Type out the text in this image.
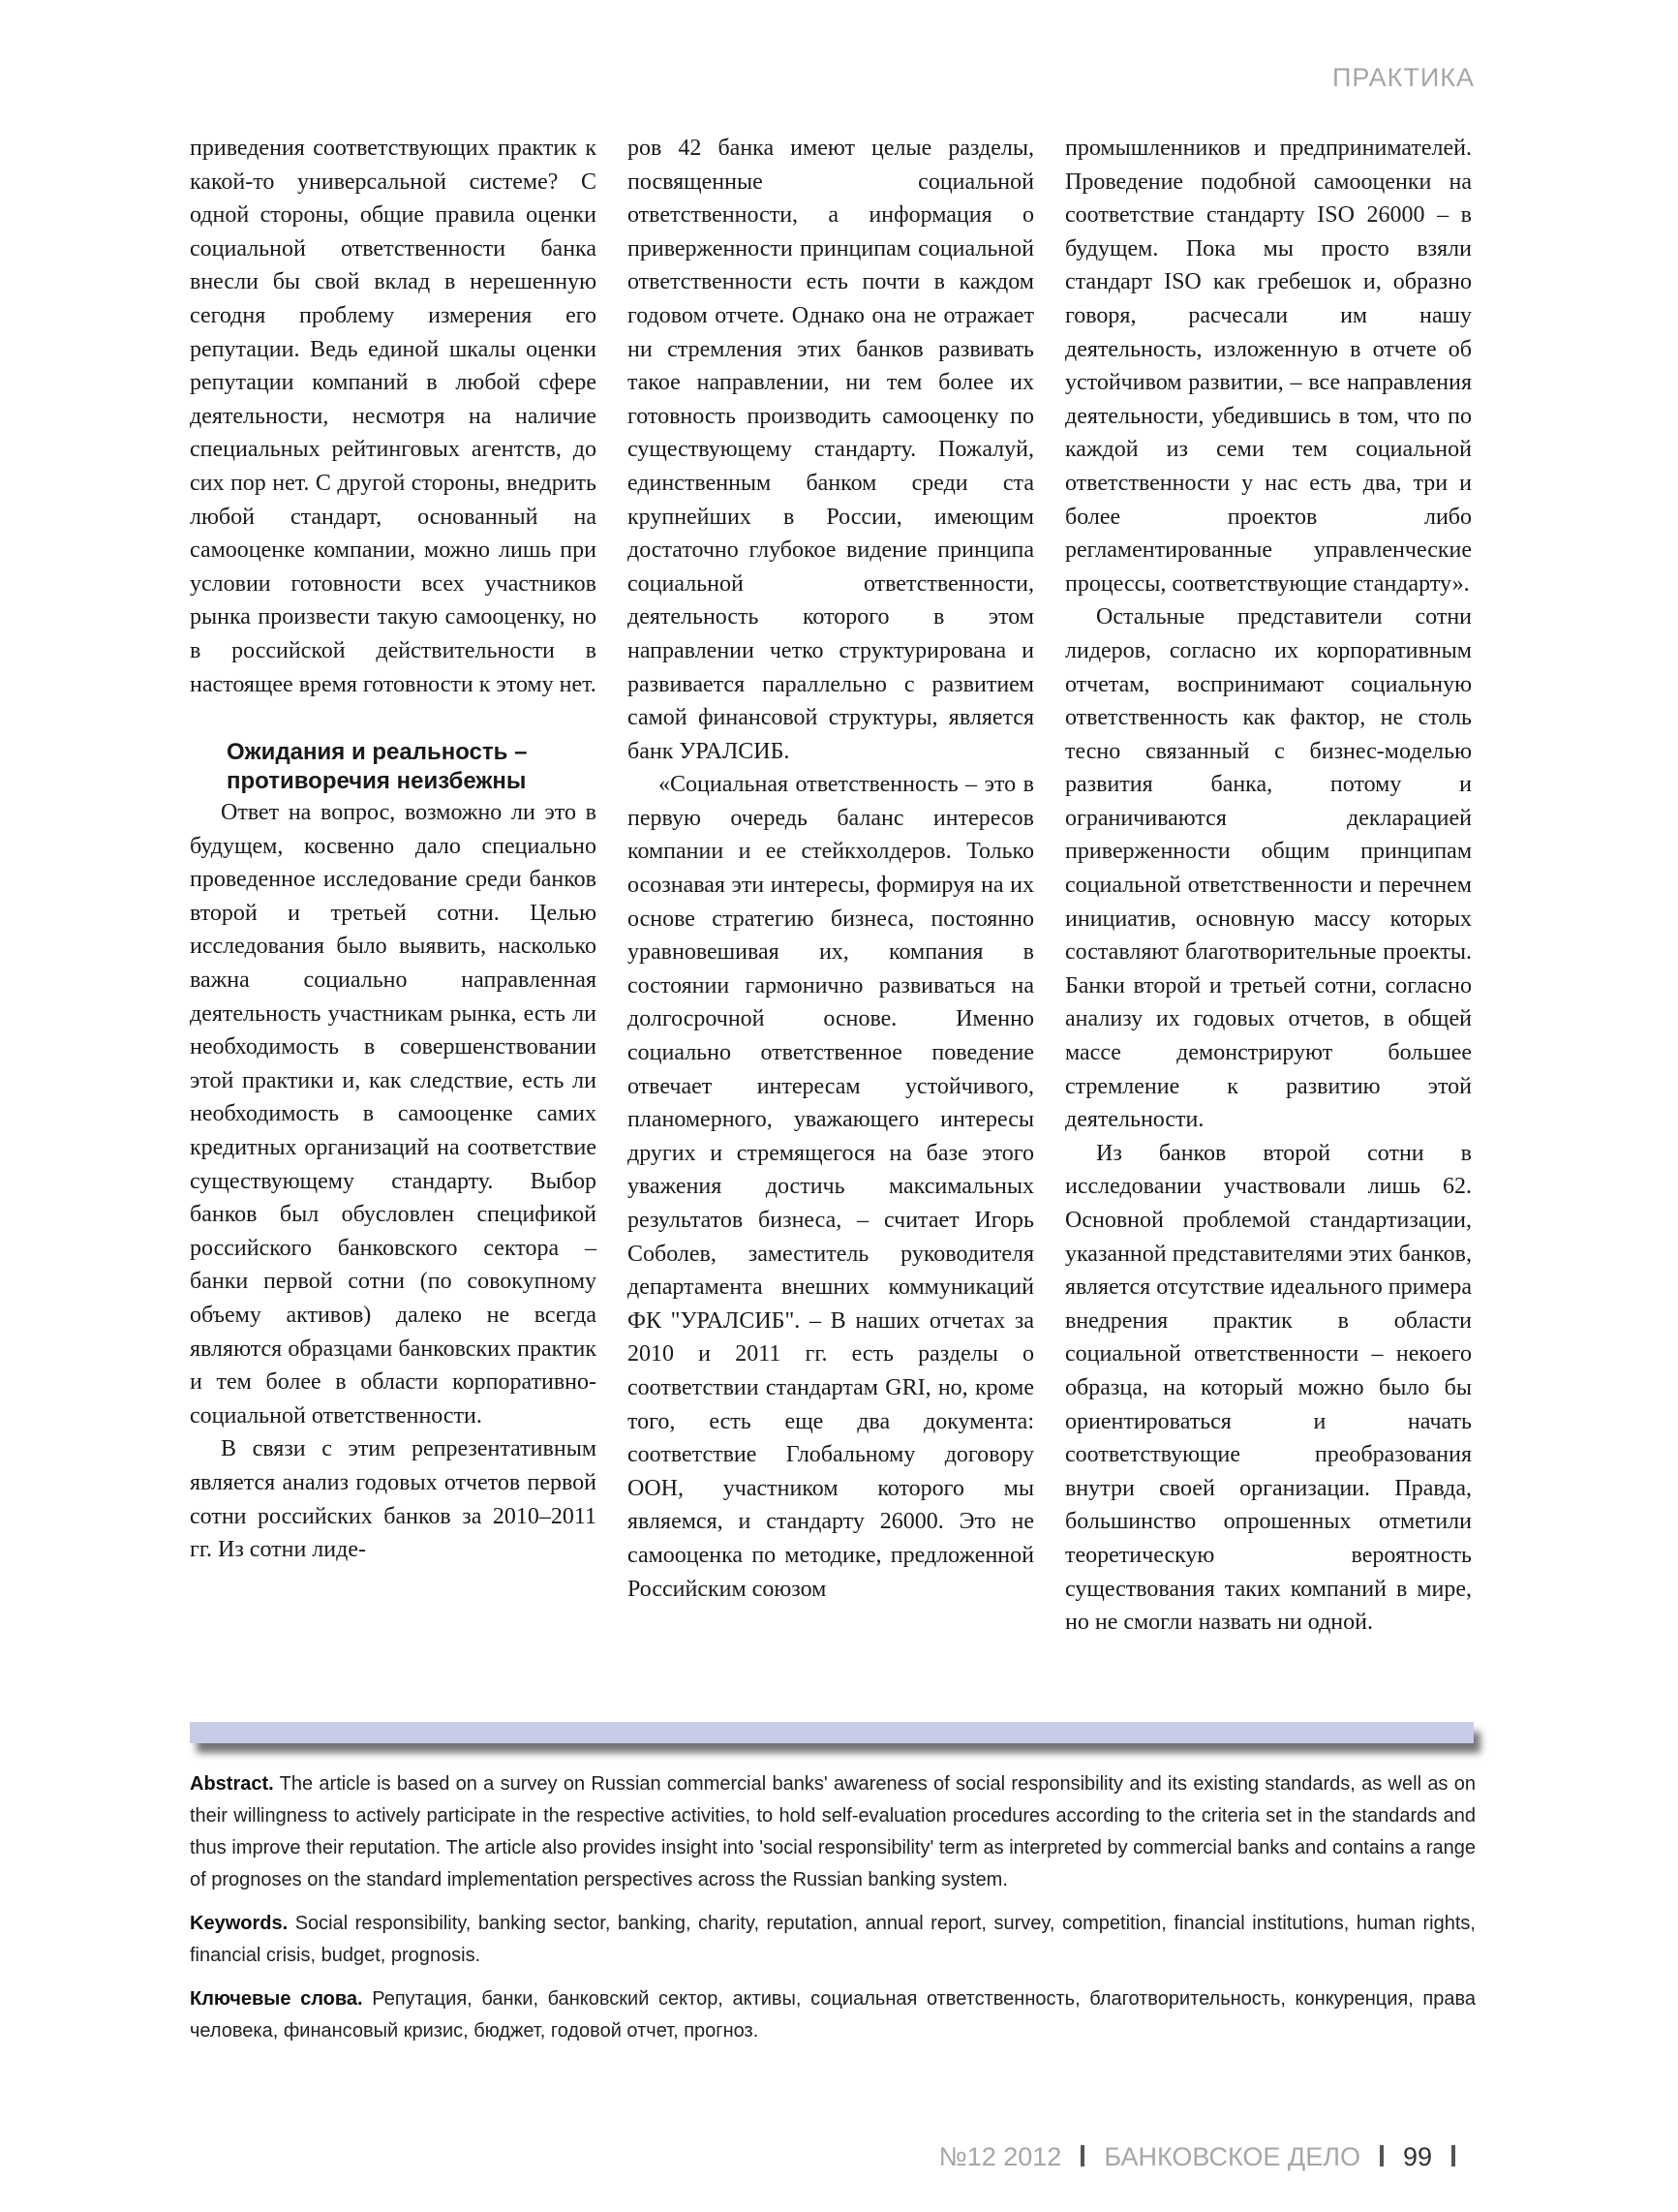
ПРАКТИКА

приведения соответствующих практик к какой-то универсальной системе? С одной стороны, общие правила оценки социальной ответственности банка внесли бы свой вклад в нерешенную сегодня проблему измерения его репутации. Ведь единой шкалы оценки репутации компаний в любой сфере деятельности, несмотря на наличие специальных рейтинговых агентств, до сих пор нет. С другой стороны, внедрить любой стандарт, основанный на самооценке компании, можно лишь при условии готовности всех участников рынка произвести такую самооценку, но в российской действительности в настоящее время готовности к этому нет.

Ожидания и реальность –
противоречия неизбежны

Ответ на вопрос, возможно ли это в будущем, косвенно дало специально проведенное исследование среди банков второй и третьей сотни. Целью исследования было выявить, насколько важна социально направленная деятельность участникам рынка, есть ли необходимость в совершенствовании этой практики и, как следствие, есть ли необходимость в самооценке самих кредитных организаций на соответствие существующему стандарту. Выбор банков был обусловлен спецификой российского банковского сектора – банки первой сотни (по совокупному объему активов) далеко не всегда являются образцами банковских практик и тем более в области корпоративно-социальной ответственности.

В связи с этим репрезентативным является анализ годовых отчетов первой сотни российских банков за 2010–2011 гг. Из сотни лиде-

ров 42 банка имеют целые разделы, посвященные социальной ответственности, а информация о приверженности принципам социальной ответственности есть почти в каждом годовом отчете. Однако она не отражает ни стремления этих банков развивать такое направлении, ни тем более их готовность производить самооценку по существующему стандарту. Пожалуй, единственным банком среди ста крупнейших в России, имеющим достаточно глубокое видение принципа социальной ответственности, деятельность которого в этом направлении четко структурирована и развивается параллельно с развитием самой финансовой структуры, является банк УРАЛСИБ.

«Социальная ответственность – это в первую очередь баланс интересов компании и ее стейкхолдеров. Только осознавая эти интересы, формируя на их основе стратегию бизнеса, постоянно уравновешивая их, компания в состоянии гармонично развиваться на долгосрочной основе. Именно социально ответственное поведение отвечает интересам устойчивого, планомерного, уважающего интересы других и стремящегося на базе этого уважения достичь максимальных результатов бизнеса, – считает Игорь Соболев, заместитель руководителя департамента внешних коммуникаций ФК "УРАЛСИБ". – В наших отчетах за 2010 и 2011 гг. есть разделы о соответствии стандартам GRI, но, кроме того, есть еще два документа: соответствие Глобальному договору ООН, участником которого мы являемся, и стандарту 26000. Это не самооценка по методике, предложенной Российским союзом

промышленников и предпринимателей. Проведение подобной самооценки на соответствие стандарту ISO 26000 – в будущем. Пока мы просто взяли стандарт ISO как гребешок и, образно говоря, расчесали им нашу деятельность, изложенную в отчете об устойчивом развитии, – все направления деятельности, убедившись в том, что по каждой из семи тем социальной ответственности у нас есть два, три и более проектов либо регламентированные управленческие процессы, соответствующие стандарту».

Остальные представители сотни лидеров, согласно их корпоративным отчетам, воспринимают социальную ответственность как фактор, не столь тесно связанный с бизнес-моделью развития банка, потому и ограничиваются декларацией приверженности общим принципам социальной ответственности и перечнем инициатив, основную массу которых составляют благотворительные проекты. Банки второй и третьей сотни, согласно анализу их годовых отчетов, в общей массе демонстрируют большее стремление к развитию этой деятельности.

Из банков второй сотни в исследовании участвовали лишь 62. Основной проблемой стандартизации, указанной представителями этих банков, является отсутствие идеального примера внедрения практик в области социальной ответственности – некоего образца, на который можно было бы ориентироваться и начать соответствующие преобразования внутри своей организации. Правда, большинство опрошенных отметили теоретическую вероятность существования таких компаний в мире, но не смогли назвать ни одной.

Abstract. The article is based on a survey on Russian commercial banks' awareness of social responsibility and its existing standards, as well as on their willingness to actively participate in the respective activities, to hold self-evaluation procedures according to the criteria set in the standards and thus improve their reputation. The article also provides insight into 'social responsibility' term as interpreted by commercial banks and contains a range of prognoses on the standard implementation perspectives across the Russian banking system.

Keywords. Social responsibility, banking sector, banking, charity, reputation, annual report, survey, competition, financial institutions, human rights, financial crisis, budget, prognosis.

Ключевые слова. Репутация, банки, банковский сектор, активы, социальная ответственность, благотворительность, конкуренция, права человека, финансовый кризис, бюджет, годовой отчет, прогноз.

№12 2012 БАНКОВСКОЕ ДЕЛО 99
